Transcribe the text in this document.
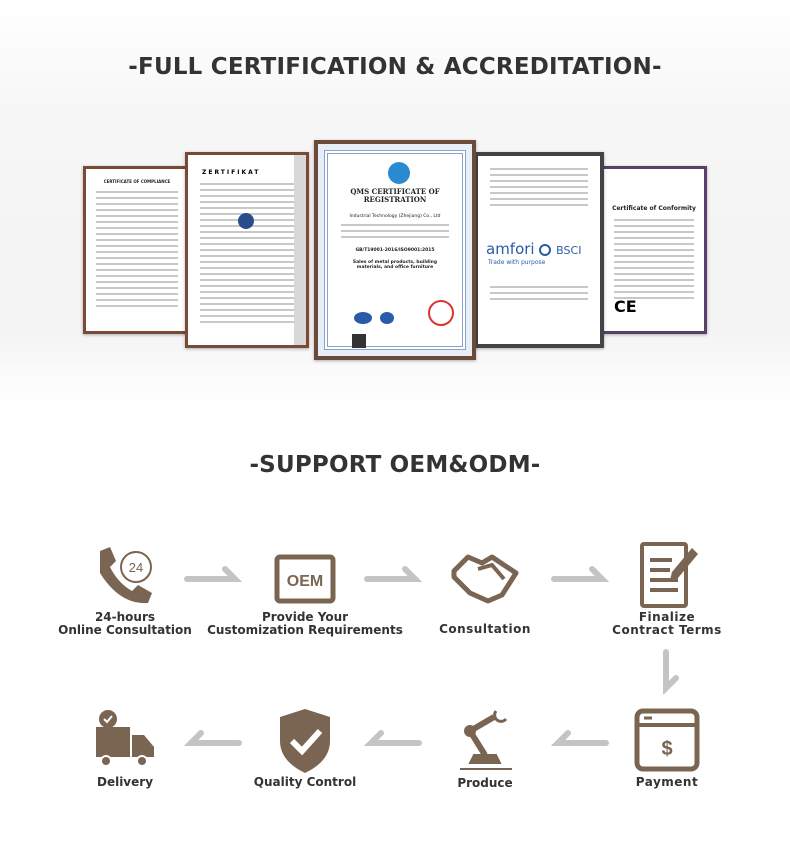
-FULL CERTIFICATION & ACCREDITATION-
CERTIFICATE OF COMPLIANCE
Certificate of Conformity
CE
ZERTIFIKAT
amfori BSCI
Trade with purpose
QMS CERTIFICATE OF REGISTRATION
Industrial Technology (Zhejiang) Co., Ltd
GB/T19001-2016/ISO9001:2015
Sales of metal products, building materials, and office furniture
-SUPPORT OEM&ODM-
24
OEM
24-hours
Online Consultation
Provide Your
Customization Requirements	Consultation
Finalize
Contract Terms
$
Payment
Produce
Quality Control
Delivery
